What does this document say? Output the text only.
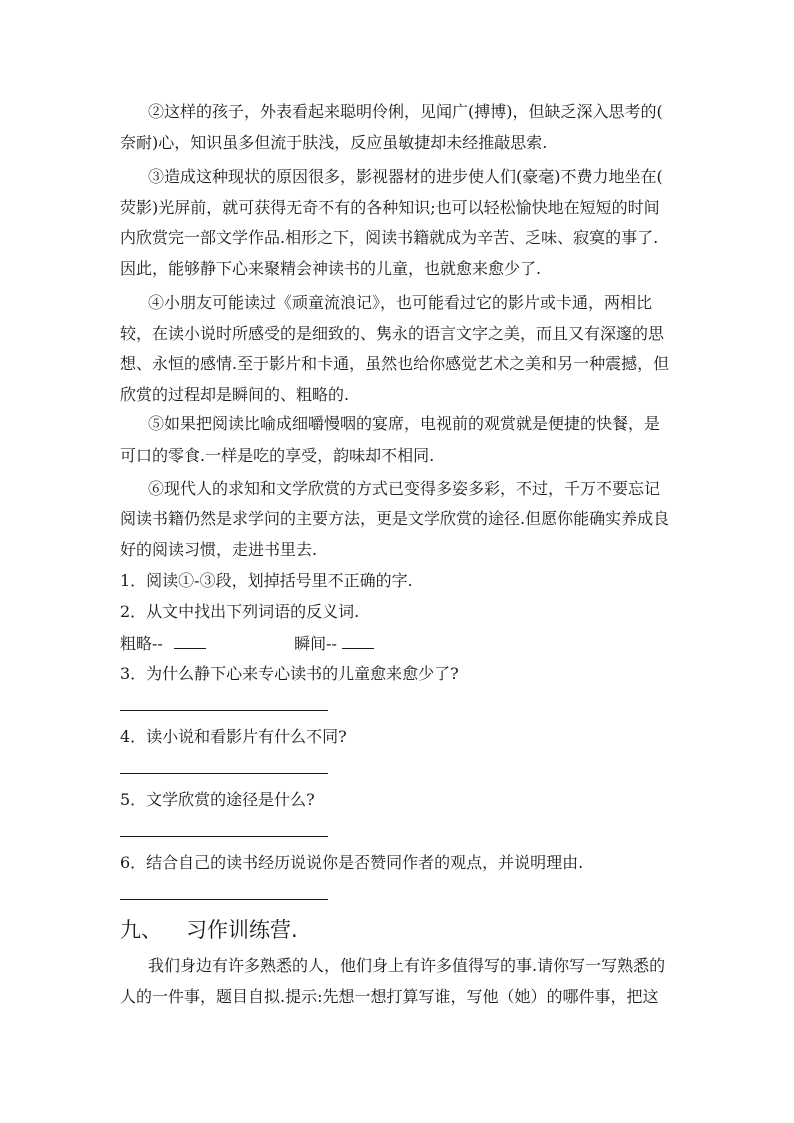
②这样的孩子，外表看起来聪明伶俐，见闻广(搏博)，但缺乏深入思考的(
奈耐)心，知识虽多但流于肤浅，反应虽敏捷却未经推敲思索.
③造成这种现状的原因很多，影视器材的进步使人们(豪毫)不费力地坐在(
荧影)光屏前，就可获得无奇不有的各种知识;也可以轻松愉快地在短短的时间
内欣赏完一部文学作品.相形之下，阅读书籍就成为辛苦、乏味、寂寞的事了.
因此，能够静下心来聚精会神读书的儿童，也就愈来愈少了.
④小朋友可能读过《顽童流浪记》，也可能看过它的影片或卡通，两相比
较，在读小说时所感受的是细致的、隽永的语言文字之美，而且又有深邃的思
想、永恒的感情.至于影片和卡通，虽然也给你感觉艺术之美和另一种震撼，但
欣赏的过程却是瞬间的、粗略的.
⑤如果把阅读比喻成细嚼慢咽的宴席，电视前的观赏就是便捷的快餐，是
可口的零食.一样是吃的享受，韵味却不相同.
⑥现代人的求知和文学欣赏的方式已变得多姿多彩，不过，千万不要忘记
阅读书籍仍然是求学问的主要方法，更是文学欣赏的途径.但愿你能确实养成良
好的阅读习惯，走进书里去.
1．阅读①-③段，划掉括号里不正确的字.
2．从文中找出下列词语的反义词.
粗略--	瞬间--
3．为什么静下心来专心读书的儿童愈来愈少了?
4．读小说和看影片有什么不同?
5．文学欣赏的途径是什么?
6．结合自己的读书经历说说你是否赞同作者的观点，并说明理由.
九、 习作训练营.
我们身边有许多熟悉的人，他们身上有许多值得写的事.请你写一写熟悉的
人的一件事，题目自拟.提示:先想一想打算写谁，写他（她）的哪件事，把这
